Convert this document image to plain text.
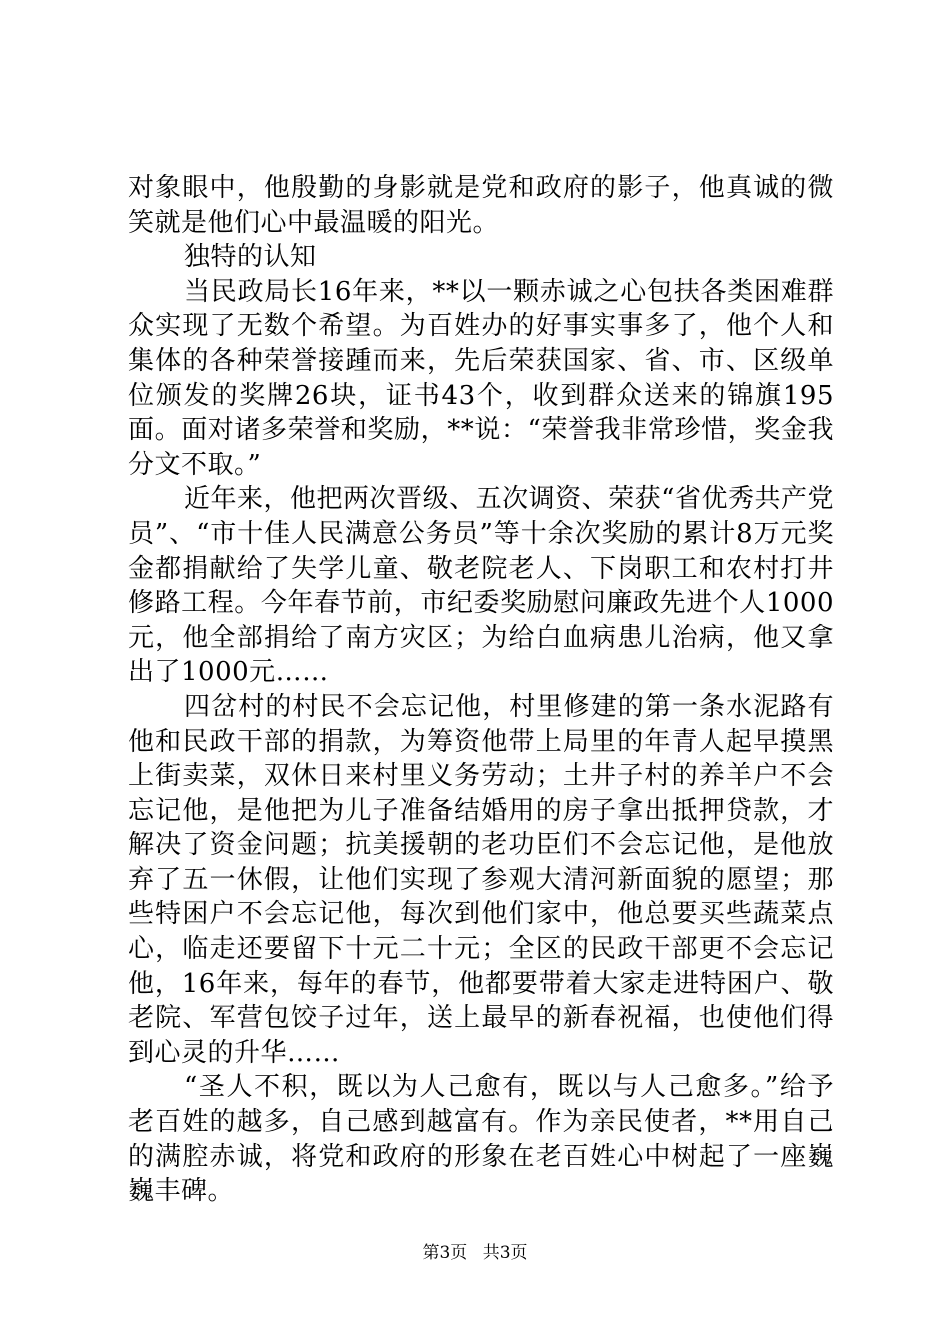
对象眼中，他殷勤的身影就是党和政府的影子，他真诚的微笑就是他们心中最温暖的阳光。

独特的认知

当民政局长16年来，**以一颗赤诚之心包扶各类困难群众实现了无数个希望。为百姓办的好事实事多了，他个人和集体的各种荣誉接踵而来，先后荣获国家、省、市、区级单位颁发的奖牌26块，证书43个，收到群众送来的锦旗195面。面对诸多荣誉和奖励，**说：“荣誉我非常珍惜，奖金我分文不取。”

近年来，他把两次晋级、五次调资、荣获“省优秀共产党员”、“市十佳人民满意公务员”等十余次奖励的累计8万元奖金都捐献给了失学儿童、敬老院老人、下岗职工和农村打井修路工程。今年春节前，市纪委奖励慰问廉政先进个人1000元，他全部捐给了南方灾区；为给白血病患儿治病，他又拿出了1000元……

四岔村的村民不会忘记他，村里修建的第一条水泥路有他和民政干部的捐款，为筹资他带上局里的年青人起早摸黑上街卖菜，双休日来村里义务劳动；土井子村的养羊户不会忘记他，是他把为儿子准备结婚用的房子拿出抵押贷款，才解决了资金问题；抗美援朝的老功臣们不会忘记他，是他放弃了五一休假，让他们实现了参观大清河新面貌的愿望；那些特困户不会忘记他，每次到他们家中，他总要买些蔬菜点心，临走还要留下十元二十元；全区的民政干部更不会忘记他，16年来，每年的春节，他都要带着大家走进特困户、敬老院、军营包饺子过年，送上最早的新春祝福，也使他们得到心灵的升华……

“圣人不积，既以为人己愈有，既以与人己愈多。”给予老百姓的越多，自己感到越富有。作为亲民使者，**用自己的满腔赤诚，将党和政府的形象在老百姓心中树起了一座巍巍丰碑。

第3页 共3页
